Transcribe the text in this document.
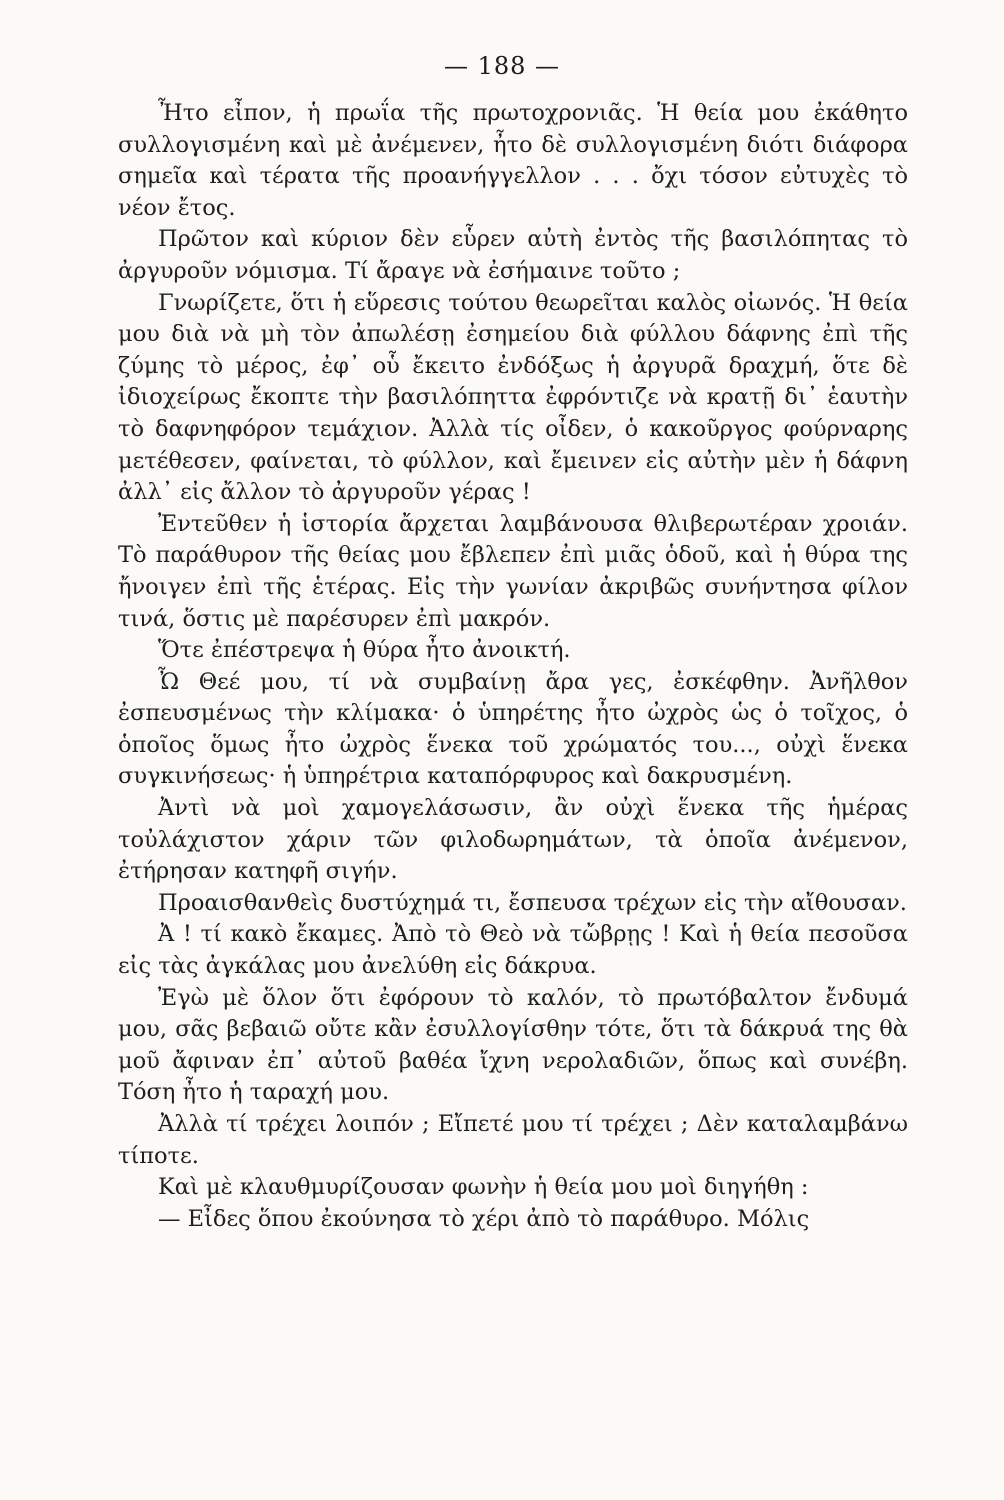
— 188 —

Ἦτο εἶπον, ἡ πρωΐα τῆς πρωτοχρονιᾶς. Ἡ θεία μου ἐκάθητο συλλογισμένη καὶ μὲ ἀνέμενεν, ἦτο δὲ συλλογισμένη διότι διάφορα σημεῖα καὶ τέρατα τῆς προανήγγελλον . . . ὄχι τόσον εὐτυχὲς τὸ νέον ἔτος.

Πρῶτον καὶ κύριον δὲν εὗρεν αὐτὴ ἐντὸς τῆς βασιλόπητας τὸ ἀργυροῦν νόμισμα. Τί ἄραγε νὰ ἐσήμαινε τοῦτο ;

Γνωρίζετε, ὅτι ἡ εὕρεσις τούτου θεωρεῖται καλὸς οἰωνός. Ἡ θεία μου διὰ νὰ μὴ τὸν ἀπωλέσῃ ἐσημείου διὰ φύλλου δάφνης ἐπὶ τῆς ζύμης τὸ μέρος, ἐφ᾽ οὗ ἔκειτο ἐνδόξως ἡ ἀργυρᾶ δραχμή, ὅτε δὲ ἰδιοχείρως ἔκοπτε τὴν βασιλόπηττα ἐφρόντιζε νὰ κρατῇ δι᾽ ἑαυτὴν τὸ δαφνηφόρον τεμάχιον. Ἀλλὰ τίς οἶδεν, ὁ κακοῦργος φούρναρης μετέθεσεν, φαίνεται, τὸ φύλλον, καὶ ἔμεινεν εἰς αὐτὴν μὲν ἡ δάφνη ἀλλ᾽ εἰς ἄλλον τὸ ἀργυροῦν γέρας !

Ἐντεῦθεν ἡ ἱστορία ἄρχεται λαμβάνουσα θλιβερωτέραν χροιάν. Τὸ παράθυρον τῆς θείας μου ἔβλεπεν ἐπὶ μιᾶς ὁδοῦ, καὶ ἡ θύρα της ἤνοιγεν ἐπὶ τῆς ἑτέρας. Εἰς τὴν γωνίαν ἀκριβῶς συνήντησα φίλον τινά, ὅστις μὲ παρέσυρεν ἐπὶ μακρόν.

Ὅτε ἐπέστρεψα ἡ θύρα ἦτο ἀνοικτή.

Ὦ Θεέ μου, τί νὰ συμβαίνῃ ἄρα γες, ἐσκέφθην. Ἀνῆλθον ἐσπευσμένως τὴν κλίμακα· ὁ ὑπηρέτης ἦτο ὠχρὸς ὡς ὁ τοῖχος, ὁ ὁποῖος ὅμως ἦτο ὠχρὸς ἕνεκα τοῦ χρώματός του..., οὐχὶ ἕνεκα συγκινήσεως· ἡ ὑπηρέτρια καταπόρφυρος καὶ δακρυσμένη.

Ἀντὶ νὰ μοὶ χαμογελάσωσιν, ἂν οὐχὶ ἕνεκα τῆς ἡμέρας τοὐλάχιστον χάριν τῶν φιλοδωρημάτων, τὰ ὁποῖα ἀνέμενον, ἐτήρησαν κατηφῆ σιγήν.

Προαισθανθεὶς δυστύχημά τι, ἔσπευσα τρέχων εἰς τὴν αἴθουσαν.

Ἀ ! τί κακὸ ἔκαμες. Ἀπὸ τὸ Θεὸ νὰ τὤβρῃς ! Καὶ ἡ θεία πεσοῦσα εἰς τὰς ἀγκάλας μου ἀνελύθη εἰς δάκρυα.

Ἐγὼ μὲ ὅλον ὅτι ἐφόρουν τὸ καλόν, τὸ πρωτόβαλτον ἔνδυμά μου, σᾶς βεβαιῶ οὔτε κἂν ἐσυλλογίσθην τότε, ὅτι τὰ δάκρυά της θὰ μοῦ ἄφιναν ἐπ᾽ αὐτοῦ βαθέα ἴχνη νερολαδιῶν, ὅπως καὶ συνέβη. Τόση ἦτο ἡ ταραχή μου.

Ἀλλὰ τί τρέχει λοιπόν ; Εἴπετέ μου τί τρέχει ; Δὲν καταλαμβάνω τίποτε.

Καὶ μὲ κλαυθμυρίζουσαν φωνὴν ἡ θεία μου μοὶ διηγήθη :

— Εἶδες ὅπου ἐκούνησα τὸ χέρι ἀπὸ τὸ παράθυρο. Μόλις
